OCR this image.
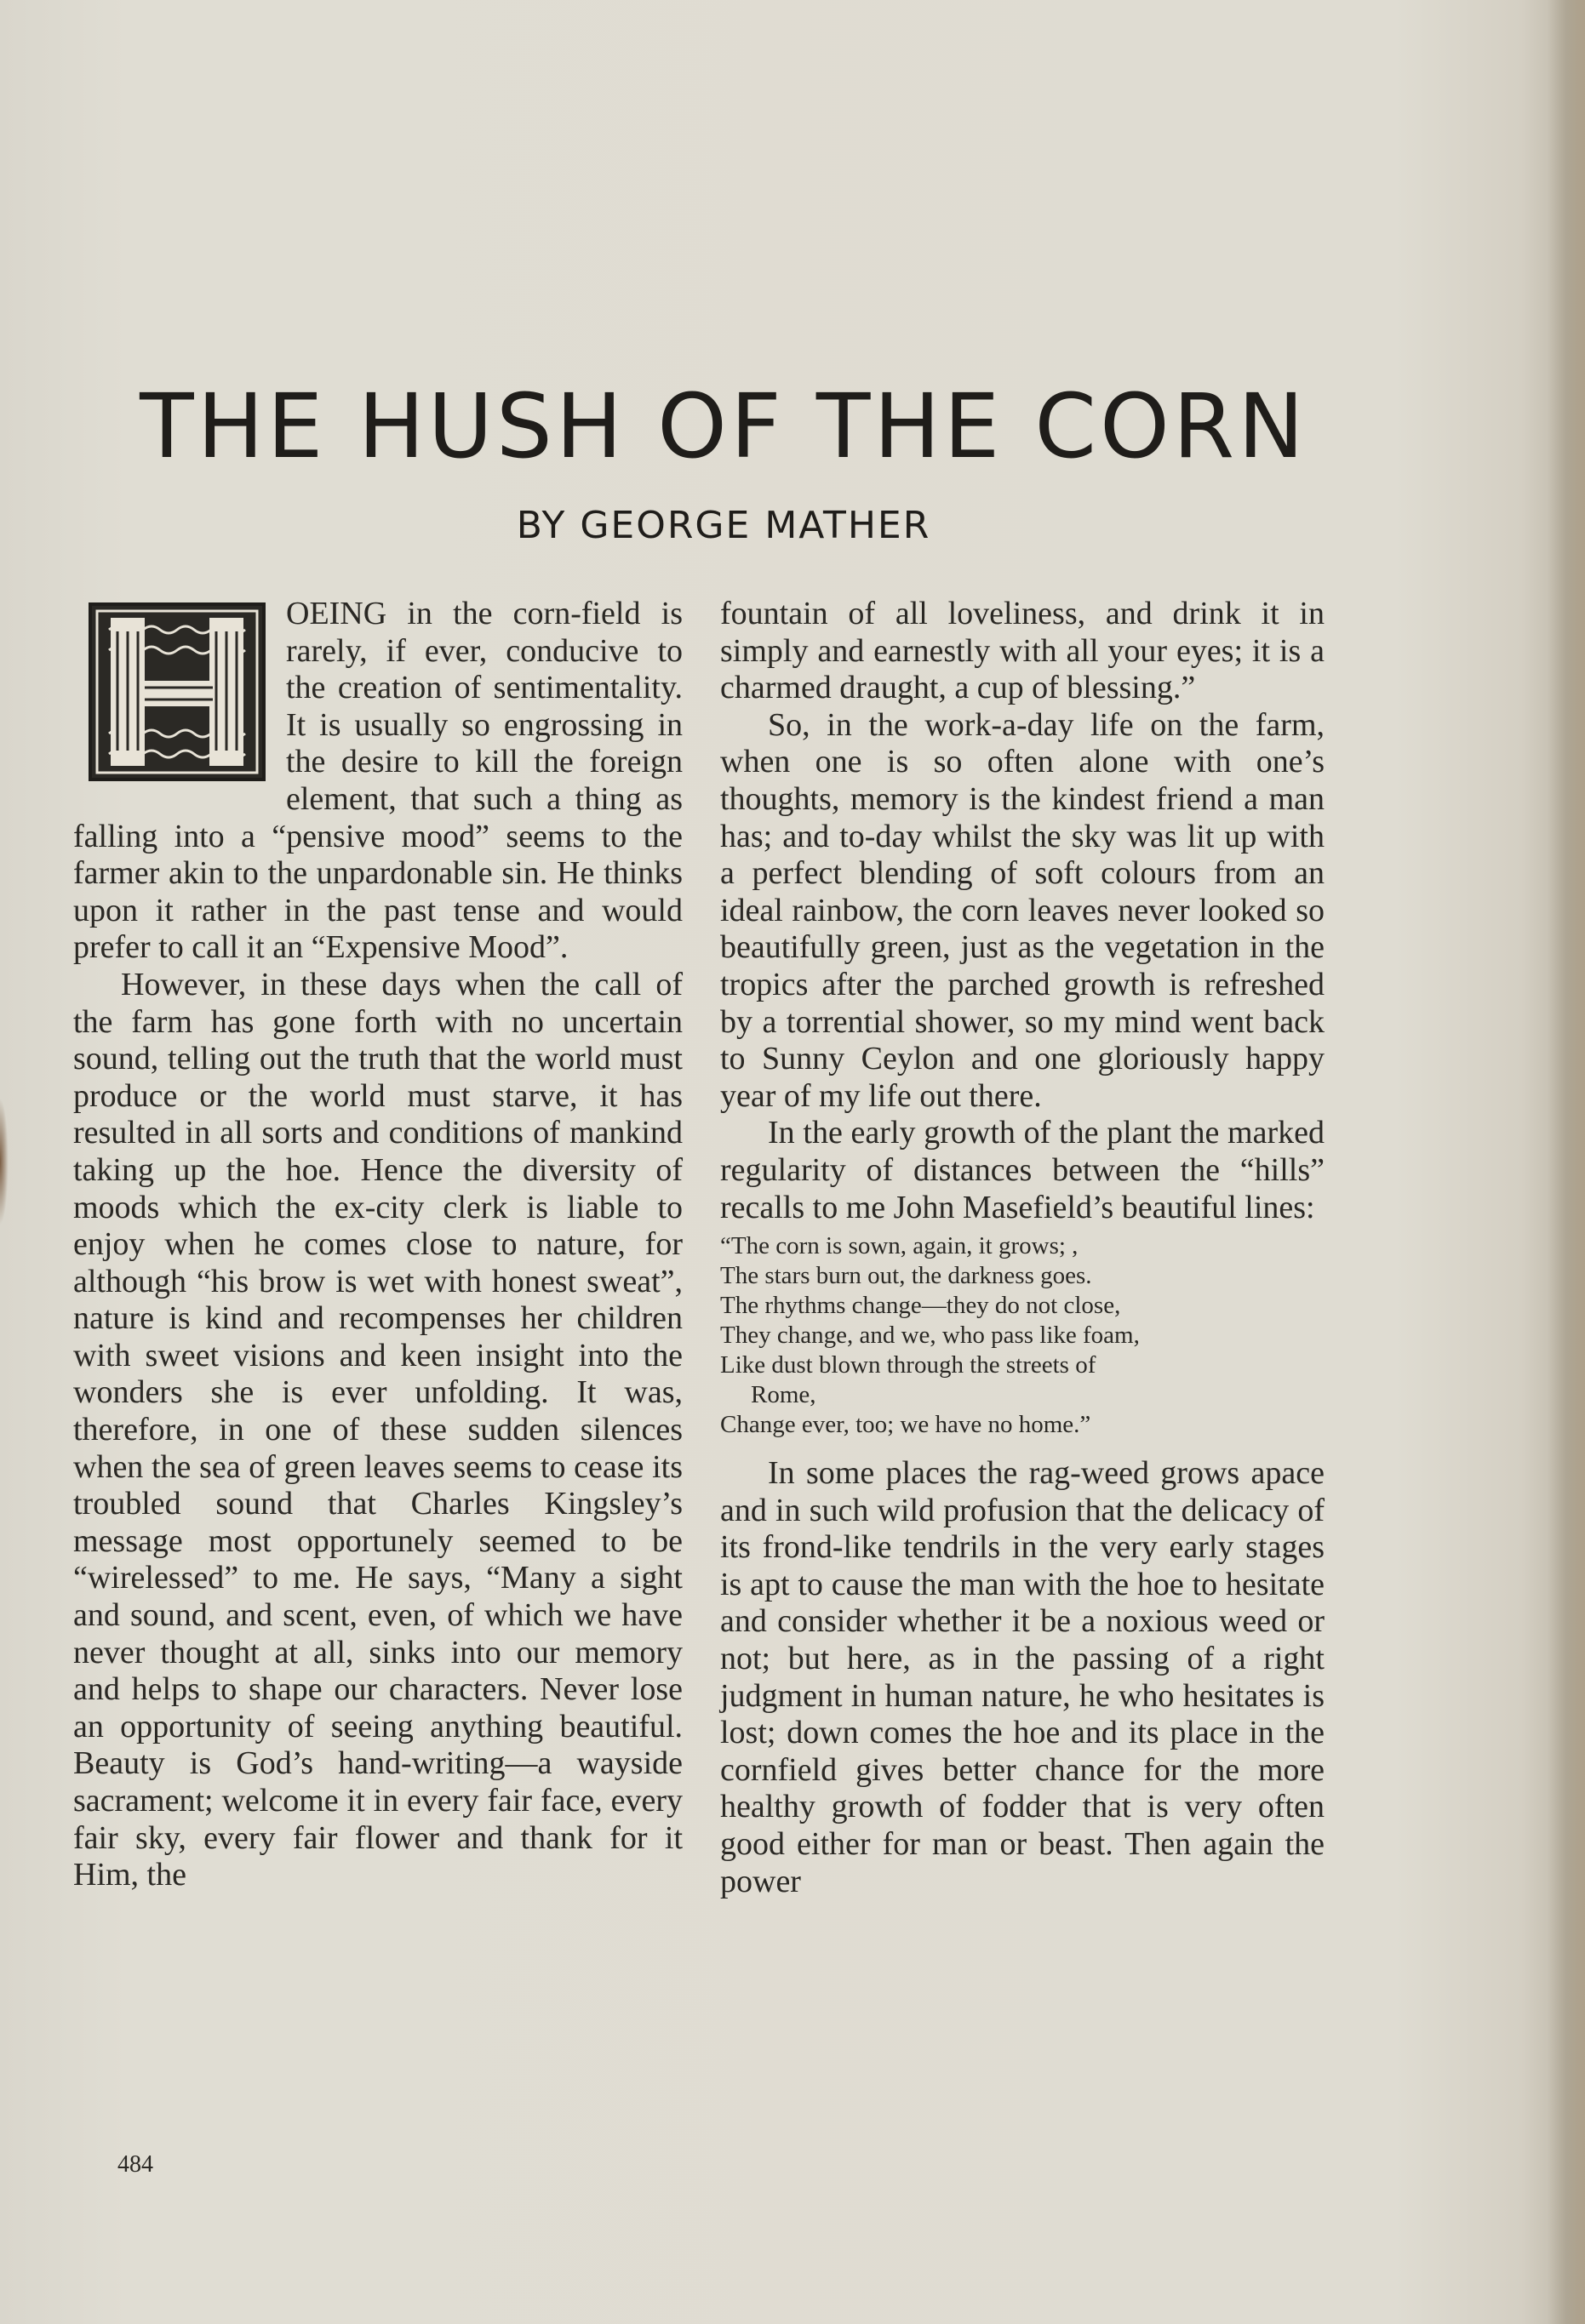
THE HUSH OF THE CORN
BY GEORGE MATHER

OEING in the corn-field is rarely, if ever, conducive to the creation of sentimentality. It is usually so engrossing in the desire to kill the foreign element, that such a thing as falling into a “pensive mood” seems to the farmer akin to the unpardonable sin. He thinks upon it rather in the past tense and would prefer to call it an “Expensive Mood”.

However, in these days when the call of the farm has gone forth with no uncertain sound, telling out the truth that the world must produce or the world must starve, it has resulted in all sorts and conditions of mankind taking up the hoe. Hence the diversity of moods which the ex-city clerk is liable to enjoy when he comes close to nature, for although “his brow is wet with honest sweat”, nature is kind and recompenses her children with sweet visions and keen insight into the wonders she is ever unfolding. It was, therefore, in one of these sudden silences when the sea of green leaves seems to cease its troubled sound that Charles Kingsley’s message most opportunely seemed to be “wirelessed” to me. He says, “Many a sight and sound, and scent, even, of which we have never thought at all, sinks into our memory and helps to shape our characters. Never lose an opportunity of seeing anything beautiful. Beauty is God’s hand-writing—a wayside sacrament; welcome it in every fair face, every fair sky, every fair flower and thank for it Him, the

fountain of all loveliness, and drink it in simply and earnestly with all your eyes; it is a charmed draught, a cup of blessing.”

So, in the work-a-day life on the farm, when one is so often alone with one’s thoughts, memory is the kindest friend a man has; and to-day whilst the sky was lit up with a perfect blending of soft colours from an ideal rainbow, the corn leaves never looked so beautifully green, just as the vegetation in the tropics after the parched growth is refreshed by a torrential shower, so my mind went back to Sunny Ceylon and one gloriously happy year of my life out there.

In the early growth of the plant the marked regularity of distances between the “hills” recalls to me John Masefield’s beautiful lines:

“The corn is sown, again, it grows; ,
The stars burn out, the darkness goes.
The rhythms change—they do not close,
They change, and we, who pass like foam,
Like dust blown through the streets of
Rome,
Change ever, too; we have no home.”

In some places the rag-weed grows apace and in such wild profusion that the delicacy of its frond-like tendrils in the very early stages is apt to cause the man with the hoe to hesitate and consider whether it be a noxious weed or not; but here, as in the passing of a right judgment in human nature, he who hesitates is lost; down comes the hoe and its place in the cornfield gives better chance for the more healthy growth of fodder that is very often good either for man or beast. Then again the power

484
